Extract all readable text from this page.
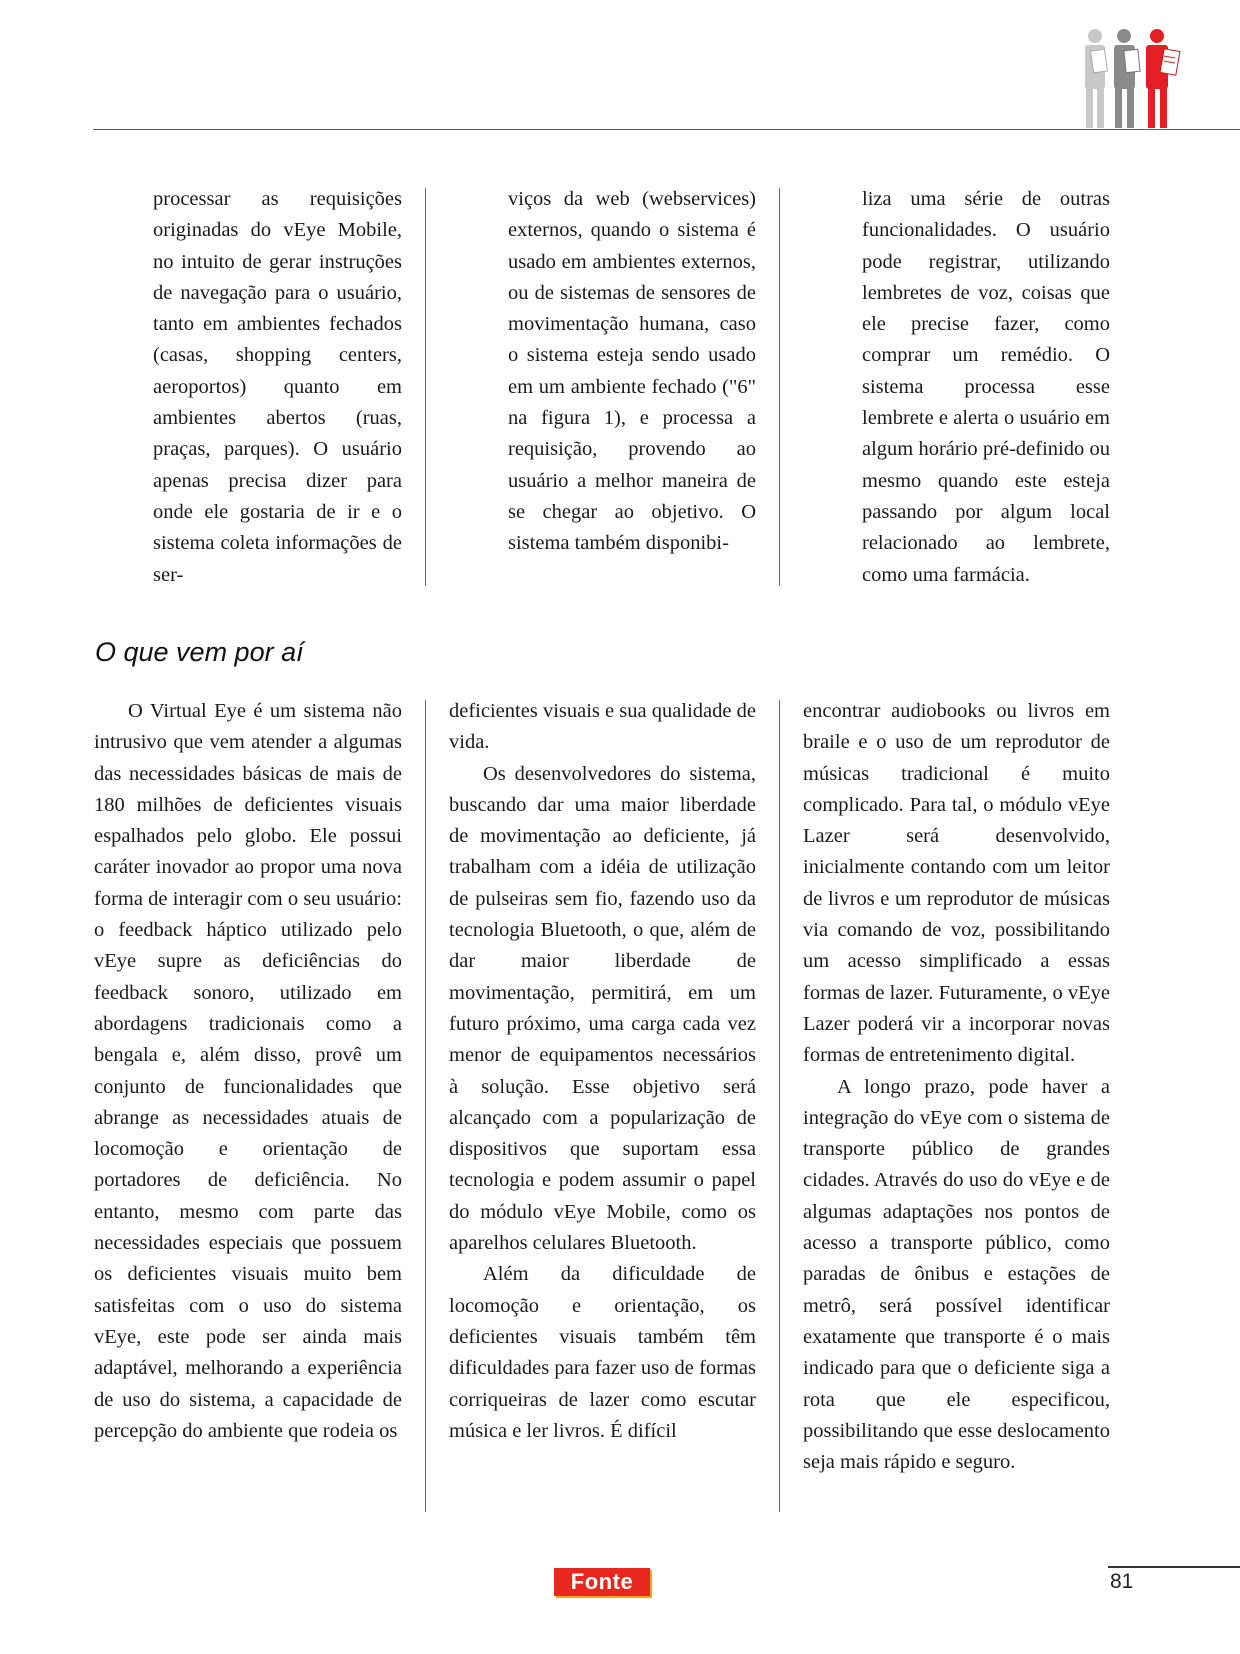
processar as requisições originadas do vEye Mobile, no intuito de gerar instruções de navegação para o usuário, tanto em ambientes fechados (casas, shopping centers, aeroportos) quanto em ambientes abertos (ruas, praças, parques). O usuário apenas precisa dizer para onde ele gostaria de ir e o sistema coleta informações de ser-

viços da web (webservices) externos, quando o sistema é usado em ambientes externos, ou de sistemas de sensores de movimentação humana, caso o sistema esteja sendo usado em um ambiente fechado ("6" na figura 1), e processa a requisição, provendo ao usuário a melhor maneira de se chegar ao objetivo. O sistema também disponibi-

liza uma série de outras funcionalidades. O usuário pode registrar, utilizando lembretes de voz, coisas que ele precise fazer, como comprar um remédio. O sistema processa esse lembrete e alerta o usuário em algum horário pré-definido ou mesmo quando este esteja passando por algum local relacionado ao lembrete, como uma farmácia.

O que vem por aí

O Virtual Eye é um sistema não intrusivo que vem atender a algumas das necessidades básicas de mais de 180 milhões de deficientes visuais espalhados pelo globo. Ele possui caráter inovador ao propor uma nova forma de interagir com o seu usuário: o feedback háptico utilizado pelo vEye supre as deficiências do feedback sonoro, utilizado em abordagens tradicionais como a bengala e, além disso, provê um conjunto de funcionalidades que abrange as necessidades atuais de locomoção e orientação de portadores de deficiência. No entanto, mesmo com parte das necessidades especiais que possuem os deficientes visuais muito bem satisfeitas com o uso do sistema vEye, este pode ser ainda mais adaptável, melhorando a experiência de uso do sistema, a capacidade de percepção do ambiente que rodeia os

deficientes visuais e sua qualidade de vida.

Os desenvolvedores do sistema, buscando dar uma maior liberdade de movimentação ao deficiente, já trabalham com a idéia de utilização de pulseiras sem fio, fazendo uso da tecnologia Bluetooth, o que, além de dar maior liberdade de movimentação, permitirá, em um futuro próximo, uma carga cada vez menor de equipamentos necessários à solução. Esse objetivo será alcançado com a popularização de dispositivos que suportam essa tecnologia e podem assumir o papel do módulo vEye Mobile, como os aparelhos celulares Bluetooth.

Além da dificuldade de locomoção e orientação, os deficientes visuais também têm dificuldades para fazer uso de formas corriqueiras de lazer como escutar música e ler livros. É difícil

encontrar audiobooks ou livros em braile e o uso de um reprodutor de músicas tradicional é muito complicado. Para tal, o módulo vEye Lazer será desenvolvido, inicialmente contando com um leitor de livros e um reprodutor de músicas via comando de voz, possibilitando um acesso simplificado a essas formas de lazer. Futuramente, o vEye Lazer poderá vir a incorporar novas formas de entretenimento digital.

A longo prazo, pode haver a integração do vEye com o sistema de transporte público de grandes cidades. Através do uso do vEye e de algumas adaptações nos pontos de acesso a transporte público, como paradas de ônibus e estações de metrô, será possível identificar exatamente que transporte é o mais indicado para que o deficiente siga a rota que ele especificou, possibilitando que esse deslocamento seja mais rápido e seguro.

Fonte	81
